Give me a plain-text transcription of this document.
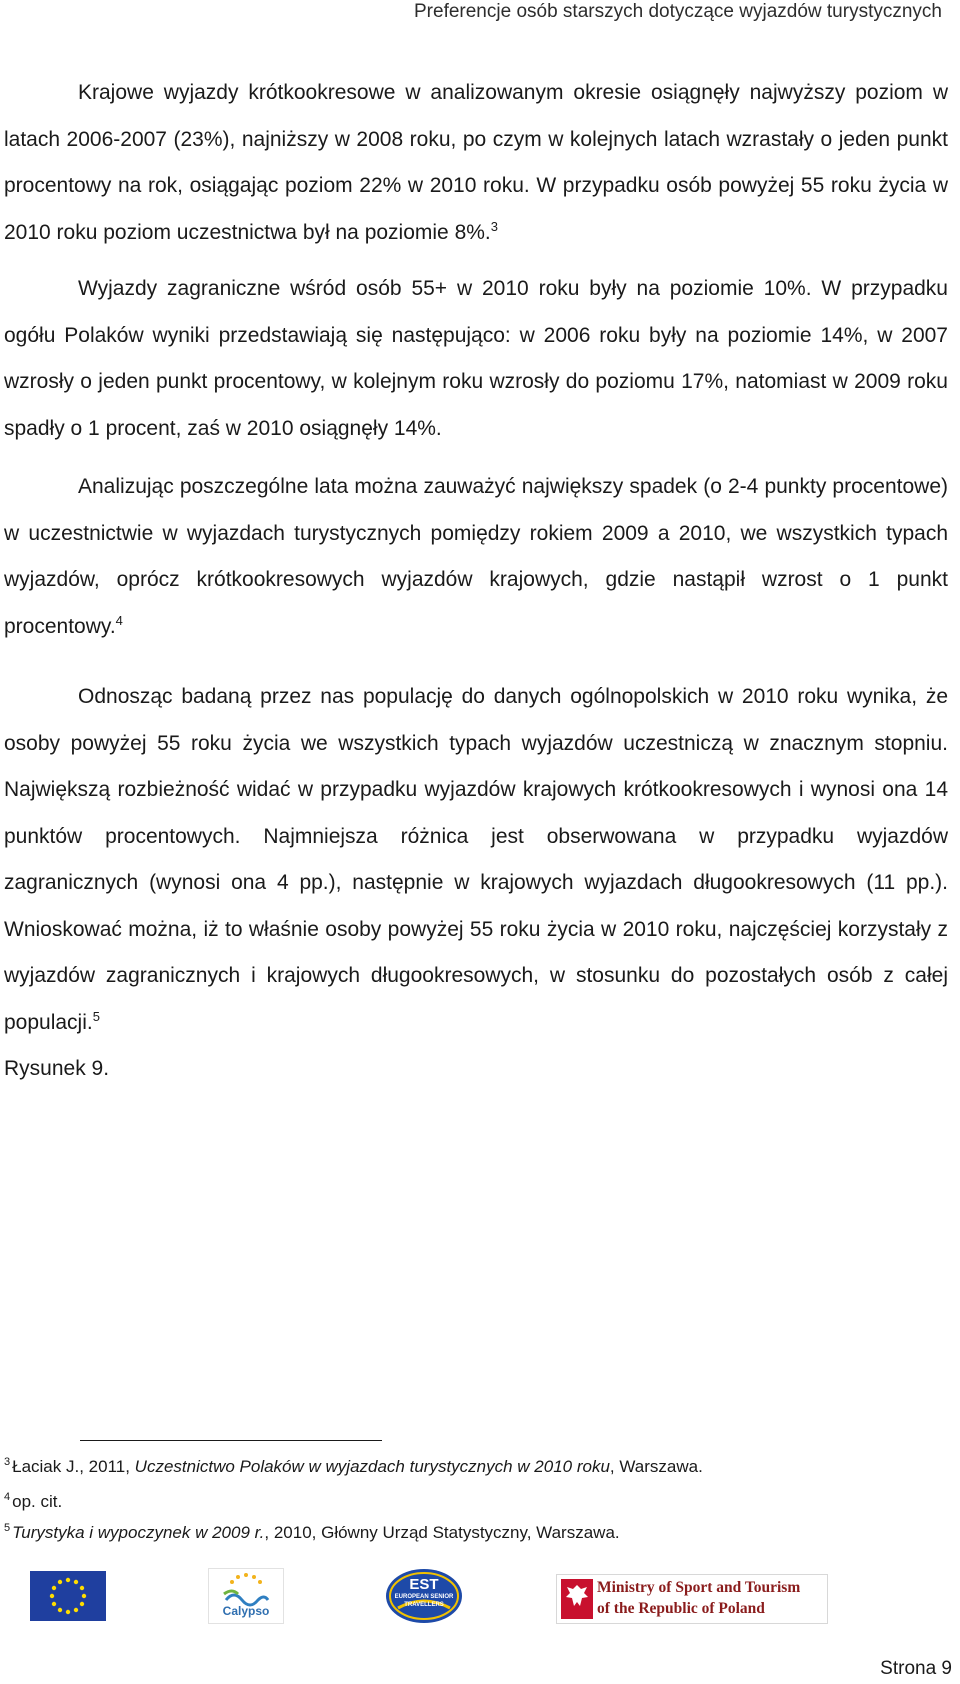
Preferencje osób starszych dotyczące wyjazdów turystycznych

Krajowe wyjazdy krótkookresowe w analizowanym okresie osiągnęły najwyższy poziom w latach 2006-2007 (23%), najniższy w 2008 roku, po czym w kolejnych latach wzrastały o jeden punkt procentowy na rok, osiągając poziom 22% w 2010 roku. W przypadku osób powyżej 55 roku życia w 2010 roku poziom uczestnictwa był na poziomie 8%.$^3$

Wyjazdy zagraniczne wśród osób 55+ w 2010 roku były na poziomie 10%. W przypadku ogółu Polaków wyniki przedstawiają się następująco: w 2006 roku były na poziomie 14%, w 2007 wzrosły o jeden punkt procentowy, w kolejnym roku wzrosły do poziomu 17%, natomiast w 2009 roku spadły o 1 procent, zaś w 2010 osiągnęły 14%.

Analizując poszczególne lata można zauważyć największy spadek (o 2-4 punkty procentowe) w uczestnictwie w wyjazdach turystycznych pomiędzy rokiem 2009 a 2010, we wszystkich typach wyjazdów, oprócz krótkookresowych wyjazdów krajowych, gdzie nastąpił wzrost o 1 punkt procentowy.$^4$

Odnosząc badaną przez nas populację do danych ogólnopolskich w 2010 roku wynika, że osoby powyżej 55 roku życia we wszystkich typach wyjazdów uczestniczą w znacznym stopniu. Największą rozbieżność widać w przypadku wyjazdów krajowych krótkookresowych i wynosi ona 14 punktów procentowych. Najmniejsza różnica jest obserwowana w przypadku wyjazdów zagranicznych (wynosi ona 4 pp.), następnie w krajowych wyjazdach długookresowych (11 pp.). Wnioskować można, iż to właśnie osoby powyżej 55 roku życia w 2010 roku, najczęściej korzystały z wyjazdów zagranicznych i krajowych długookresowych, w stosunku do pozostałych osób z całej populacji.$^5$
Rysunek 9.

$^3$ Łaciak J., 2011, Uczestnictwo Polaków w wyjazdach turystycznych w 2010 roku, Warszawa.
$^4$ op. cit.
$^5$ Turystyka i wypoczynek w 2009 r., 2010, Główny Urząd Statystyczny, Warszawa.
Calypso
EST
EUROPEAN SENIOR
TRAVELLERS
Ministry of Sport and Tourism
of the Republic of Poland
Strona 9
